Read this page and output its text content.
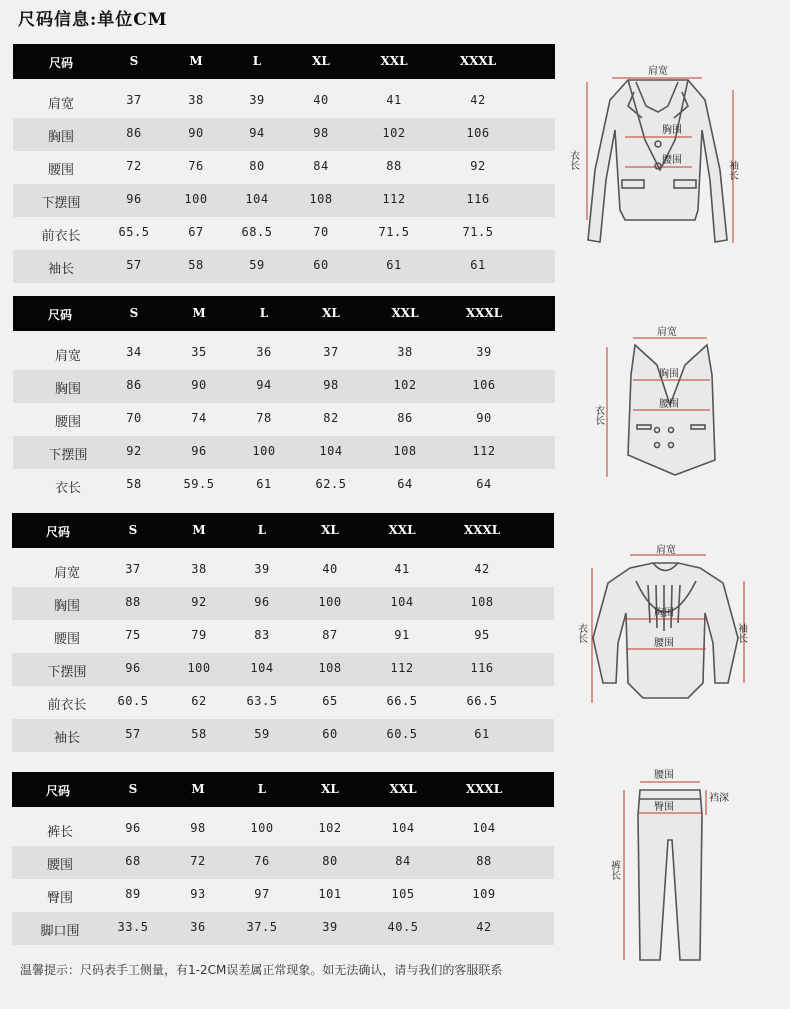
尺码信息:单位CM
尺码	S	M	L	XL	XXL	XXXL
肩宽	37	38	39	40	41	42
胸围	86	90	94	98	102	106
腰围	72	76	80	84	88	92
下摆围	96	100	104	108	112	116
前衣长	65.5	67	68.5	70	71.5	71.5
袖长	57	58	59	60	61	61
尺码	S	M	L	XL	XXL	XXXL
肩宽	34	35	36	37	38	39
胸围	86	90	94	98	102	106
腰围	70	74	78	82	86	90
下摆围	92	96	100	104	108	112
衣长	58	59.5	61	62.5	64	64
尺码	S	M	L	XL	XXL	XXXL
肩宽	37	38	39	40	41	42
胸围	88	92	96	100	104	108
腰围	75	79	83	87	91	95
下摆围	96	100	104	108	112	116
前衣长	60.5	62	63.5	65	66.5	66.5
袖长	57	58	59	60	60.5	61
尺码	S	M	L	XL	XXL	XXXL
裤长	96	98	100	102	104	104
腰围	68	72	76	80	84	88
臀围	89	93	97	101	105	109
脚口围	33.5	36	37.5	39	40.5	42
肩宽
胸围
腰围
衣长	袖长
肩宽
胸围
腰围
衣长
肩宽
胸围
腰围
衣长	袖长
腰围
臀围
裤长
裆深
温馨提示：尺码表手工侧量，有1-2CM误差属正常现象。如无法确认，请与我们的客服联系
